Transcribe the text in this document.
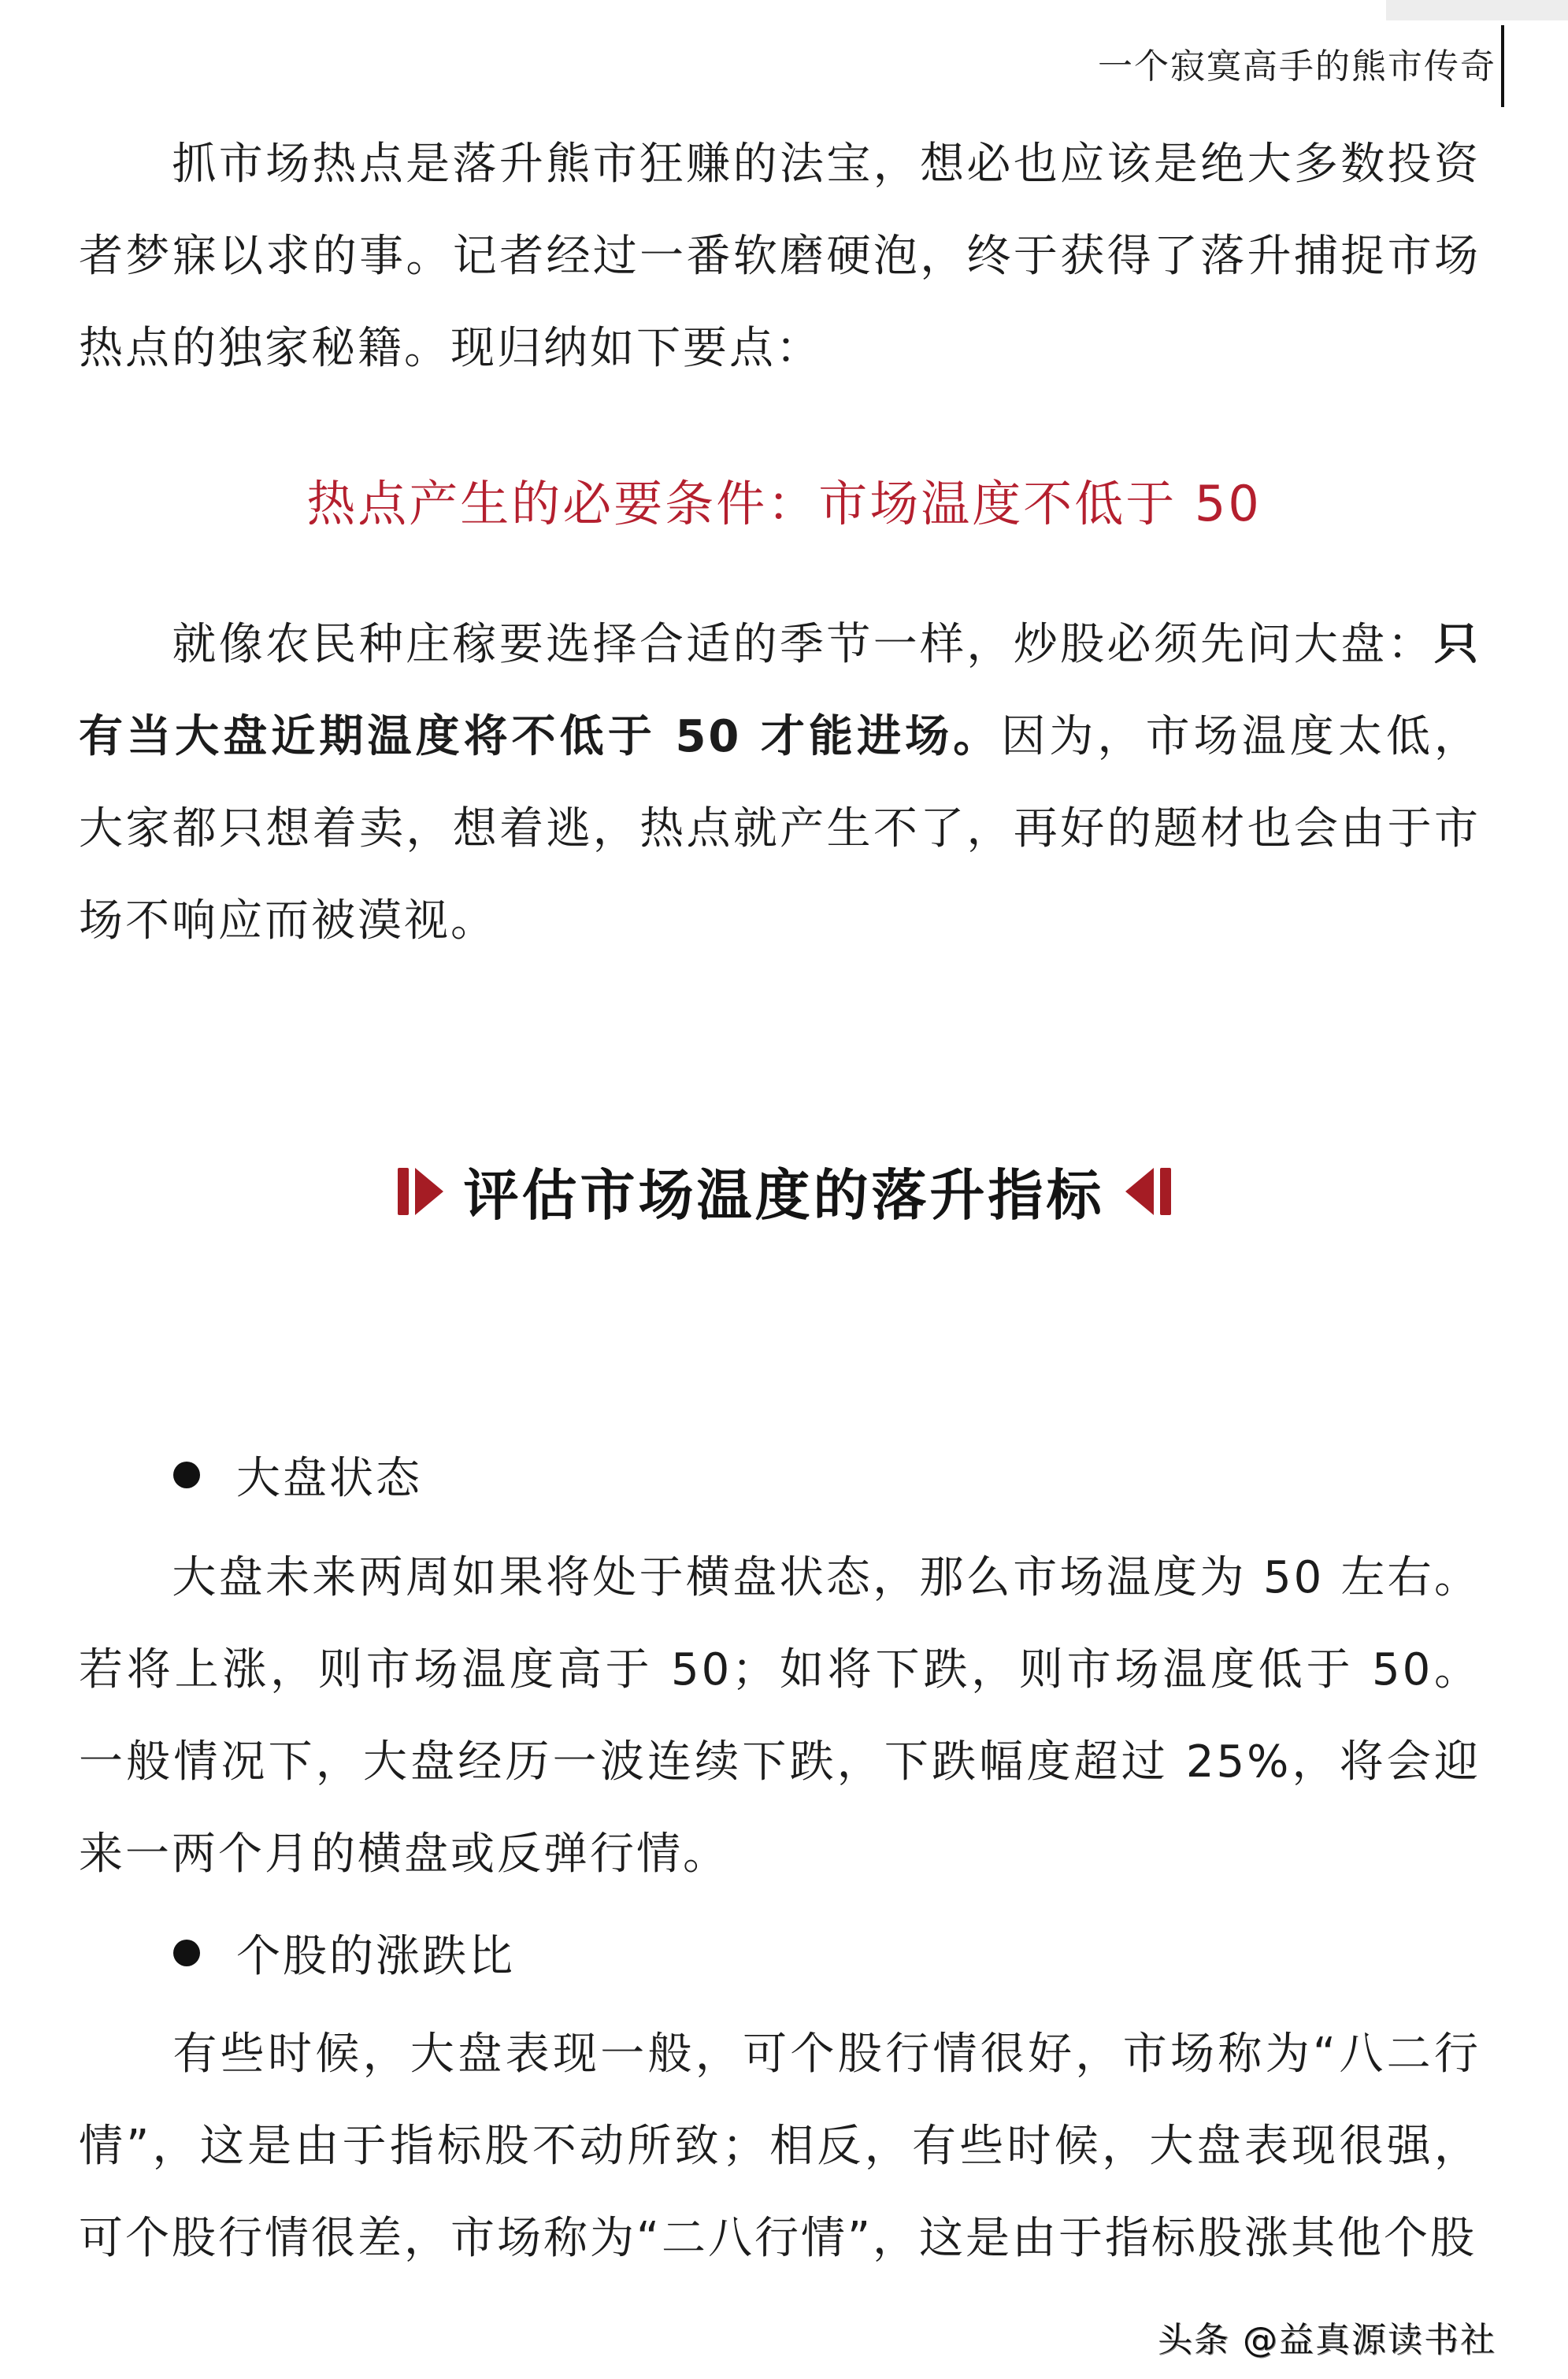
一个寂寞高手的熊市传奇

抓市场热点是落升熊市狂赚的法宝，想必也应该是绝大多数投资者梦寐以求的事。记者经过一番软磨硬泡，终于获得了落升捕捉市场热点的独家秘籍。现归纳如下要点：

热点产生的必要条件：市场温度不低于 50

就像农民种庄稼要选择合适的季节一样，炒股必须先问大盘：只有当大盘近期温度将不低于 50 才能进场。因为，市场温度太低，大家都只想着卖，想着逃，热点就产生不了，再好的题材也会由于市场不响应而被漠视。

评估市场温度的落升指标
大盘状态

大盘未来两周如果将处于横盘状态，那么市场温度为 50 左右。若将上涨，则市场温度高于 50；如将下跌，则市场温度低于 50。一般情况下，大盘经历一波连续下跌，下跌幅度超过 25%，将会迎来一两个月的横盘或反弹行情。

个股的涨跌比

有些时候，大盘表现一般，可个股行情很好，市场称为“八二行情”，这是由于指标股不动所致；相反，有些时候，大盘表现很强，可个股行情很差，市场称为“二八行情”，这是由于指标股涨其他个股

头条 @益真源读书社
